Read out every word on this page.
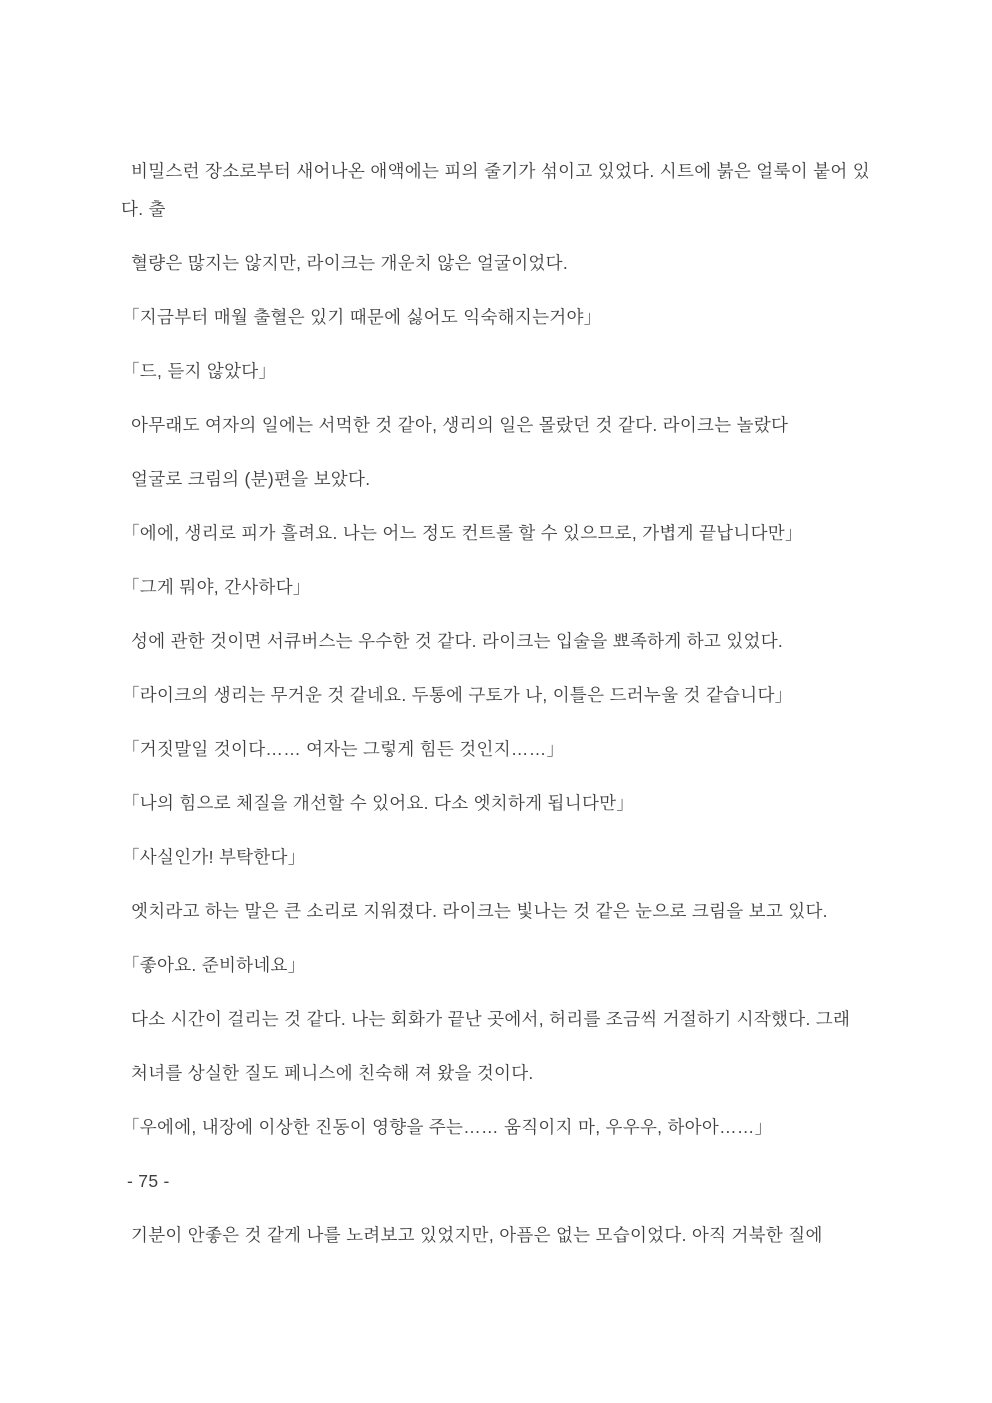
비밀스런 장소로부터 새어나온 애액에는 피의 줄기가 섞이고 있었다. 시트에 붉은 얼룩이 붙어 있다. 출

혈량은 많지는 않지만, 라이크는 개운치 않은 얼굴이었다.

「지금부터 매월 출혈은 있기 때문에 싫어도 익숙해지는거야」

「드, 듣지 않았다」

아무래도 여자의 일에는 서먹한 것 같아, 생리의 일은 몰랐던 것 같다. 라이크는 놀랐다

얼굴로 크림의 (분)편을 보았다.

「에에, 생리로 피가 흘려요. 나는 어느 정도 컨트롤 할 수 있으므로, 가볍게 끝납니다만」

「그게 뭐야, 간사하다」

성에 관한 것이면 서큐버스는 우수한 것 같다. 라이크는 입술을 뾰족하게 하고 있었다.

「라이크의 생리는 무거운 것 같네요. 두통에 구토가 나, 이틀은 드러누울 것 같습니다」

「거짓말일 것이다…… 여자는 그렇게 힘든 것인지……」

「나의 힘으로 체질을 개선할 수 있어요. 다소 엣치하게 됩니다만」

「사실인가! 부탁한다」

엣치라고 하는 말은 큰 소리로 지워졌다. 라이크는 빛나는 것 같은 눈으로 크림을 보고 있다.

「좋아요. 준비하네요」

다소 시간이 걸리는 것 같다. 나는 회화가 끝난 곳에서, 허리를 조금씩 거절하기 시작했다. 그래

처녀를 상실한 질도 페니스에 친숙해 져 왔을 것이다.

「우에에, 내장에 이상한 진동이 영향을 주는…… 움직이지 마, 우우우, 하아아……」

- 75 -

기분이 안좋은 것 같게 나를 노려보고 있었지만, 아픔은 없는 모습이었다. 아직 거북한 질에
